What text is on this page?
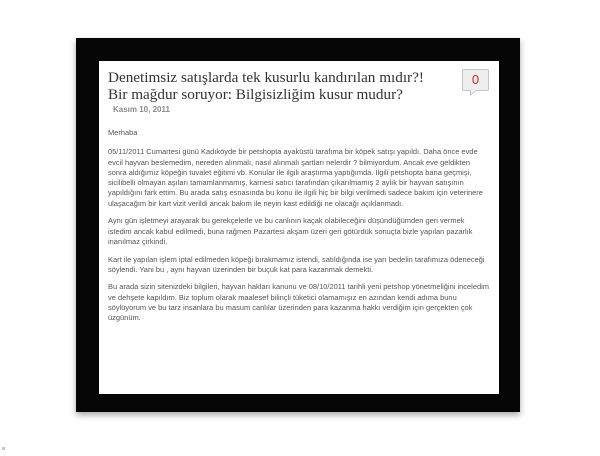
Denetimsiz satışlarda tek kusurlu kandırılan mıdır?! Bir mağdur soruyor: Bilgisizliğim kusur mudur?
Kasım 10, 2011
0

Merhaba

05/11/2011 Cumartesi günü Kadıköyde bir petshopta ayaküstü tarafıma bir köpek satışı yapıldı. Daha önce evde evcil hayvan beslemedim, nereden alınmalı, nasıl alınmalı şartları nelerdir ? bilmiyordum. Ancak eve geldikten sonra aldığımız köpeğin tuvalet eğitimi vb. Konular ile ilgili araştırma yaptığımda. İlgili petshopta bana geçmişi, sicilibelli olmayan aşıları tamamlanmamış, karnesi satıcı tarafından çıkarılmamış 2 aylık bir hayvan satışının yapıldığını fark ettim. Bu arada satış esnasında bu konu ile ilgili hiç bir bilgi verilmedi sadece bakım için veterinere ulaşacağım bir kart vizit verildi ancak bakım ile neyin kast edildiği ne olacağı açıklanmadı.

Aynı gün işletmeyi arayarak bu gerekçelerle ve bu canlının kaçak olabileceğini düşündüğümden geri vermek istedim ancak kabul edilmedi, buna rağmen Pazartesi akşam üzeri geri götürdük sonuçta bizle yapılan pazarlık inanılmaz çirkindi.

Kart ile yapılan işlem iptal edilmeden köpeği bırakmamız istendi, satıldığında ise yarı bedelin tarafımıza ödeneceği söylendi. Yani bu , aynı hayvan üzerinden bir buçuk kat para kazanmak demekti.

Bu arada sizin sitenizdeki bilgileri, hayvan hakları kanunu ve 08/10/2011 tarihli yeni petshop yönetmeliğini inceledim ve dehşete kapıldım. Biz toplum olarak maalesef bilinçli tüketici olamamışız en azından kendi adıma bunu söylüyorum ve bu tarz insanlara bu masum canlılar üzerinden para kazanma hakkı verdiğim için gerçekten çok üzgünüm.
